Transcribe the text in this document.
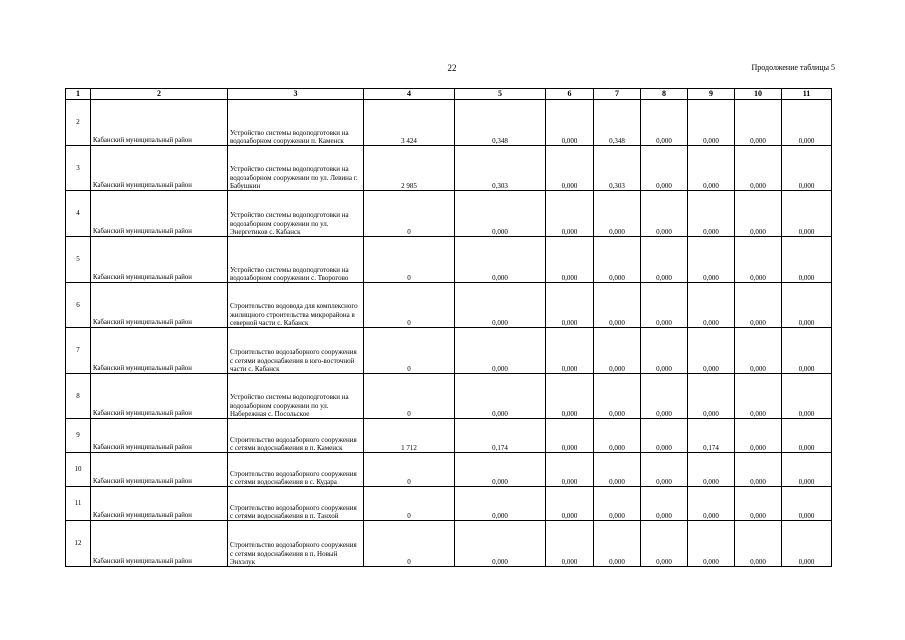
22	Продолжение таблицы 5
1	2	3	4	5	6	7	8	9	10	11
2	Кабанский муниципальный район	Устройство системы водоподготовки на водозаборном сооружении п. Каменск	3 424	0,348	0,000	0,348	0,000	0,000	0,000	0,000
3	Кабанский муниципальный район	Устройство системы водоподготовки на водозаборном сооружении по ул. Левина г. Бабушкин	2 985	0,303	0,000	0,303	0,000	0,000	0,000	0,000
4	Кабанский муниципальный район	Устройство системы водоподготовки на водозаборном сооружении по ул. Энергетиков с. Кабанск	0	0,000	0,000	0,000	0,000	0,000	0,000	0,000
5	Кабанский муниципальный район	Устройство системы водоподготовки на водозаборном сооружении с. Творогово	0	0,000	0,000	0,000	0,000	0,000	0,000	0,000
6	Кабанский муниципальный район	Строительство водовода для комплексного жилищного строительства микрорайона в северной части с. Кабанск	0	0,000	0,000	0,000	0,000	0,000	0,000	0,000
7	Кабанский муниципальный район	Строительство водозаборного сооружения с сетями водоснабжения в юго-восточной части с. Кабанск	0	0,000	0,000	0,000	0,000	0,000	0,000	0,000
8	Кабанский муниципальный район	Устройство системы водоподготовки на водозаборном сооружении по ул. Набережная с. Посольское	0	0,000	0,000	0,000	0,000	0,000	0,000	0,000
9	Кабанский муниципальный район	Строительство водозаборного сооружения с сетями водоснабжения в п. Каменск	1 712	0,174	0,000	0,000	0,000	0,174	0,000	0,000
10	Кабанский муниципальный район	Строительство водозаборного сооружения с сетями водоснабжения в с. Кудара	0	0,000	0,000	0,000	0,000	0,000	0,000	0,000
11	Кабанский муниципальный район	Строительство водозаборного сооружения с сетями водоснабжения в п. Танхой	0	0,000	0,000	0,000	0,000	0,000	0,000	0,000
12	Кабанский муниципальный район	Строительство водозаборного сооружения с сетями водоснабжения в п. Новый Энхэлук	0	0,000	0,000	0,000	0,000	0,000	0,000	0,000
